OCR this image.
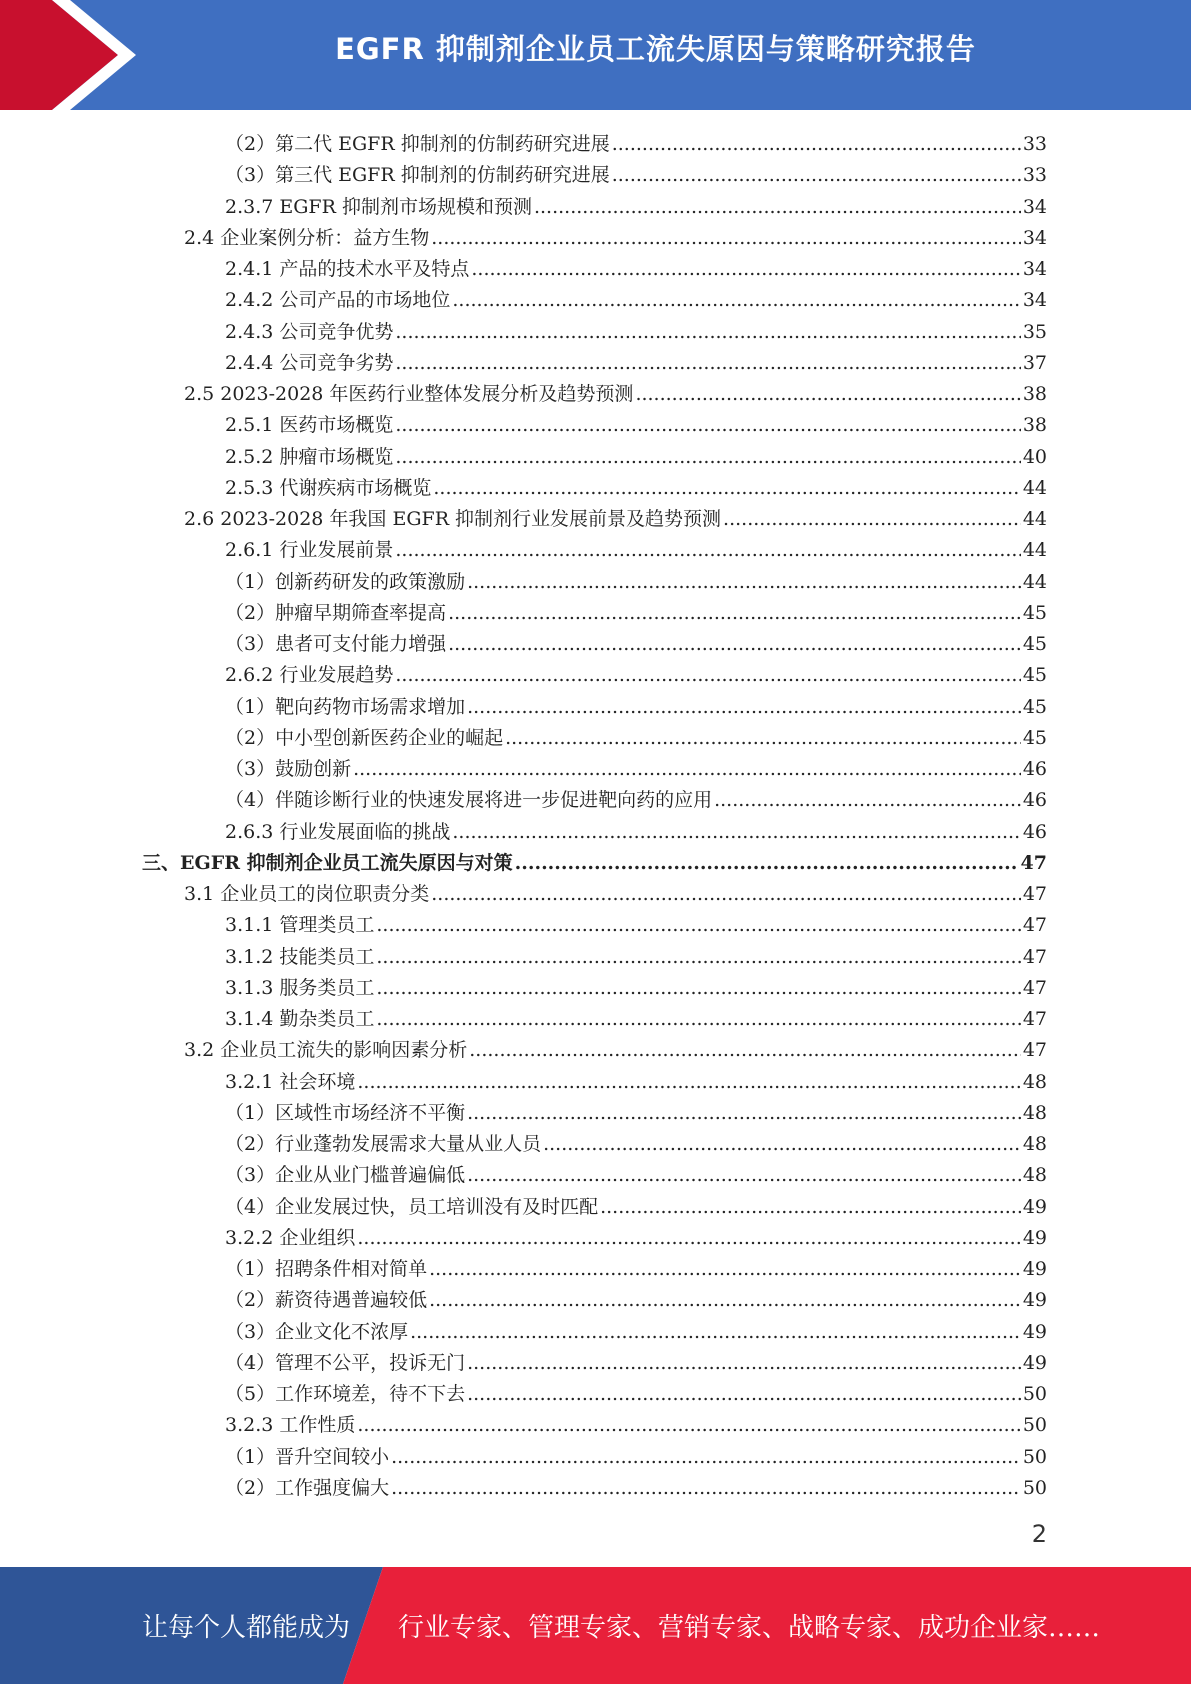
EGFR 抑制剂企业员工流失原因与策略研究报告
（2）第二代 EGFR 抑制剂的仿制药研究进展 .....	33
（3）第三代 EGFR 抑制剂的仿制药研究进展 .....	33
2.3.7 EGFR 抑制剂市场规模和预测 .....	34
2.4 企业案例分析：益方生物 .....	34
2.4.1 产品的技术水平及特点 .....	34
2.4.2 公司产品的市场地位 .....	34
2.4.3 公司竞争优势 .....	35
2.4.4 公司竞争劣势 .....	37
2.5 2023-2028 年医药行业整体发展分析及趋势预测 .....	38
2.5.1 医药市场概览 .....	38
2.5.2 肿瘤市场概览 .....	40
2.5.3 代谢疾病市场概览 .....	44
2.6 2023-2028 年我国 EGFR 抑制剂行业发展前景及趋势预测 .....	44
2.6.1 行业发展前景 .....	44
（1）创新药研发的政策激励 .....	44
（2）肿瘤早期筛查率提高 .....	45
（3）患者可支付能力增强 .....	45
2.6.2 行业发展趋势 .....	45
（1）靶向药物市场需求增加 .....	45
（2）中小型创新医药企业的崛起 .....	45
（3）鼓励创新 .....	46
（4）伴随诊断行业的快速发展将进一步促进靶向药的应用 .....	46
2.6.3 行业发展面临的挑战 .....	46
三、EGFR 抑制剂企业员工流失原因与对策 .....	47
3.1 企业员工的岗位职责分类 .....	47
3.1.1 管理类员工 .....	47
3.1.2 技能类员工 .....	47
3.1.3 服务类员工 .....	47
3.1.4 勤杂类员工 .....	47
3.2 企业员工流失的影响因素分析 .....	47
3.2.1 社会环境 .....	48
（1）区域性市场经济不平衡 .....	48
（2）行业蓬勃发展需求大量从业人员 .....	48
（3）企业从业门槛普遍偏低 .....	48
（4）企业发展过快，员工培训没有及时匹配 .....	49
3.2.2 企业组织 .....	49
（1）招聘条件相对简单 .....	49
（2）薪资待遇普遍较低 .....	49
（3）企业文化不浓厚 .....	49
（4）管理不公平，投诉无门 .....	49
（5）工作环境差，待不下去 .....	50
3.2.3 工作性质 .....	50
（1）晋升空间较小 .....	50
（2）工作强度偏大 .....	50
2
让每个人都能成为 行业专家、管理专家、营销专家、战略专家、成功企业家……
